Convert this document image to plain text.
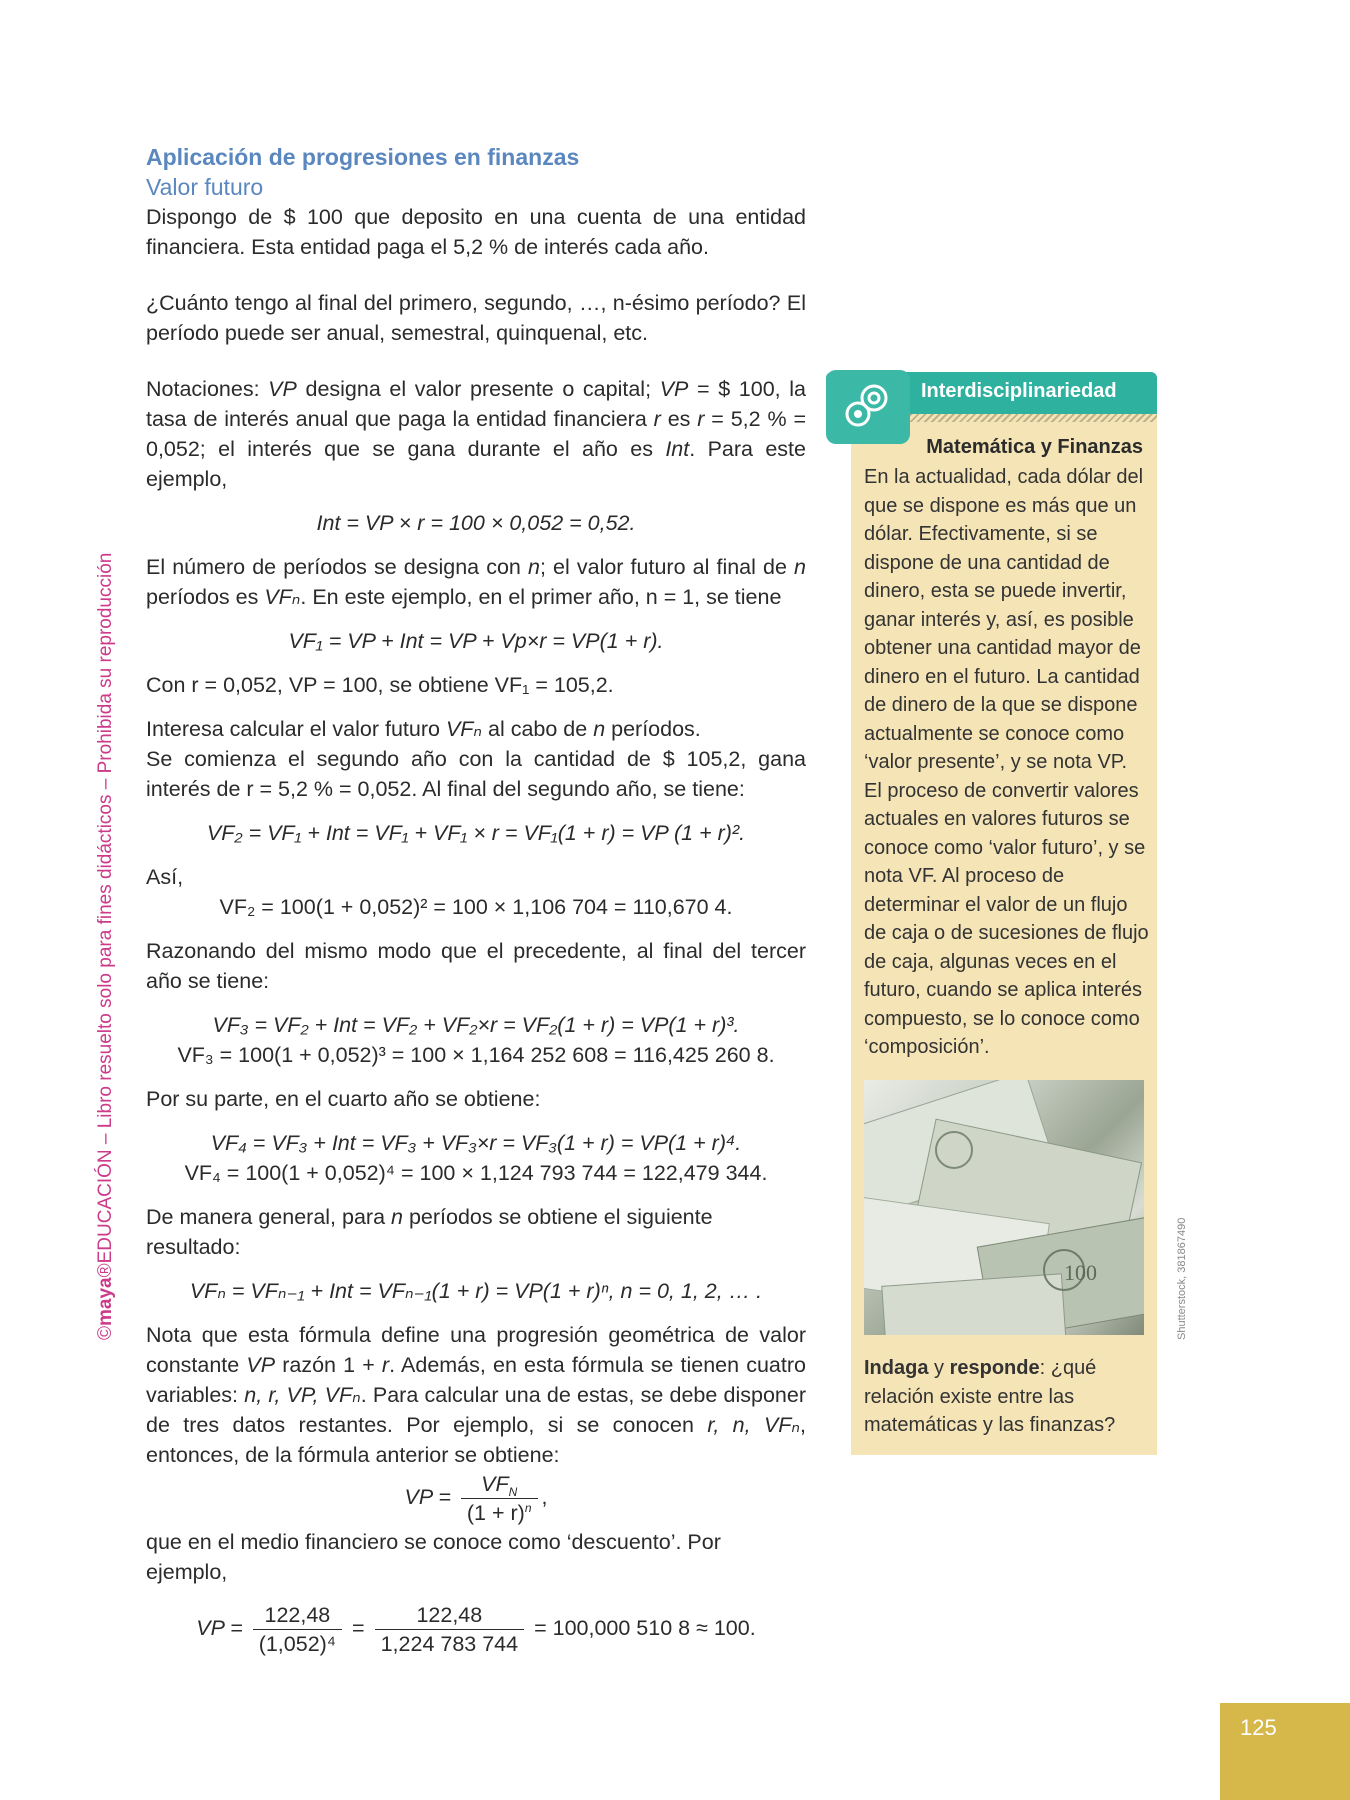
©maya®EDUCACIÓN – Libro resuelto solo para fines didácticos – Prohibida su reproducción

Aplicación de progresiones en finanzas

Valor futuro

Dispongo de $ 100 que deposito en una cuenta de una entidad financiera. Esta entidad paga el 5,2 % de interés cada año.

¿Cuánto tengo al final del primero, segundo, …, n-ésimo período? El período puede ser anual, semestral, quinquenal, etc.

Notaciones: VP designa el valor presente o capital; VP = $ 100, la tasa de interés anual que paga la entidad financiera r es r = 5,2 % = 0,052; el interés que se gana durante el año es Int. Para este ejemplo,

Int = VP × r = 100 × 0,052 = 0,52.

El número de períodos se designa con n; el valor futuro al final de n períodos es VFₙ. En este ejemplo, en el primer año, n = 1, se tiene

VF₁ = VP + Int = VP + Vp×r = VP(1 + r).

Con r = 0,052, VP = 100, se obtiene VF₁ = 105,2.

Interesa calcular el valor futuro VFₙ al cabo de n períodos.

Se comienza el segundo año con la cantidad de $ 105,2, gana interés de r = 5,2 % = 0,052. Al final del segundo año, se tiene:

VF₂ = VF₁ + Int = VF₁ + VF₁ × r = VF₁(1 + r) = VP (1 + r)².

Así,

VF₂ = 100(1 + 0,052)² = 100 × 1,106 704 = 110,670 4.

Razonando del mismo modo que el precedente, al final del tercer año se tiene:

VF₃ = VF₂ + Int = VF₂ + VF₂×r = VF₂(1 + r) = VP(1 + r)³.

VF₃ = 100(1 + 0,052)³ = 100 × 1,164 252 608 = 116,425 260 8.

Por su parte, en el cuarto año se obtiene:

VF₄ = VF₃ + Int = VF₃ + VF₃×r = VF₃(1 + r) = VP(1 + r)⁴.

VF₄ = 100(1 + 0,052)⁴ = 100 × 1,124 793 744 = 122,479 344.

De manera general, para n períodos se obtiene el siguiente resultado:

VFₙ = VFₙ₋₁ + Int = VFₙ₋₁(1 + r) = VP(1 + r)ⁿ, n = 0, 1, 2, … .

Nota que esta fórmula define una progresión geométrica de valor constante VP razón 1 + r. Además, en esta fórmula se tienen cuatro variables: n, r, VP, VFₙ. Para calcular una de estas, se debe disponer de tres datos restantes. Por ejemplo, si se conocen r, n, VFₙ, entonces, de la fórmula anterior se obtiene:

VP = $\frac{VF_N}{(1 + r)^n}$ ,

que en el medio financiero se conoce como ‘descuento’. Por ejemplo,

VP = $\frac{122,48}{\text{(1,052)⁴}} = \frac{122,48}{1,224 783 744} = 100,000$ 510 8 ≈ 100.

Interdisciplinariedad
Matemática y Finanzas
En la actualidad, cada dólar del que se dispone es más que un dólar. Efectivamente, si se dispone de una cantidad de dinero, esta se puede invertir, ganar interés y, así, es posible obtener una cantidad mayor de dinero en el futuro. La cantidad de dinero de la que se dispone actualmente se conoce como ‘valor presente’, y se nota VP. El proceso de convertir valores actuales en valores futuros se conoce como ‘valor futuro’, y se nota VF. Al proceso de determinar el valor de un flujo de caja o de sucesiones de flujo de caja, algunas veces en el futuro, cuando se aplica interés compuesto, se lo conoce como ‘composición’.
100	Shutterstock, 381867490
Indaga y responde: ¿qué relación existe entre las matemáticas y las finanzas?
125
